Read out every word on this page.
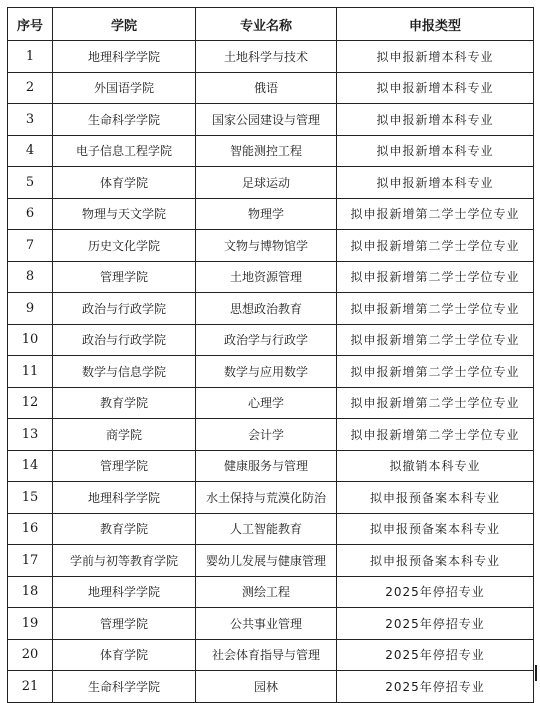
序号	学院	专业名称	申报类型
1	地理科学学院	土地科学与技术	拟申报新增本科专业
2	外国语学院	俄语	拟申报新增本科专业
3	生命科学学院	国家公园建设与管理	拟申报新增本科专业
4	电子信息工程学院	智能测控工程	拟申报新增本科专业
5	体育学院	足球运动	拟申报新增本科专业
6	物理与天文学院	物理学	拟申报新增第二学士学位专业
7	历史文化学院	文物与博物馆学	拟申报新增第二学士学位专业
8	管理学院	土地资源管理	拟申报新增第二学士学位专业
9	政治与行政学院	思想政治教育	拟申报新增第二学士学位专业
10	政治与行政学院	政治学与行政学	拟申报新增第二学士学位专业
11	数学与信息学院	数学与应用数学	拟申报新增第二学士学位专业
12	教育学院	心理学	拟申报新增第二学士学位专业
13	商学院	会计学	拟申报新增第二学士学位专业
14	管理学院	健康服务与管理	拟撤销本科专业
15	地理科学学院	水土保持与荒漠化防治	拟申报预备案本科专业
16	教育学院	人工智能教育	拟申报预备案本科专业
17	学前与初等教育学院	婴幼儿发展与健康管理	拟申报预备案本科专业
18	地理科学学院	测绘工程	2025年停招专业
19	管理学院	公共事业管理	2025年停招专业
20	体育学院	社会体育指导与管理	2025年停招专业
21	生命科学学院	园林	2025年停招专业
